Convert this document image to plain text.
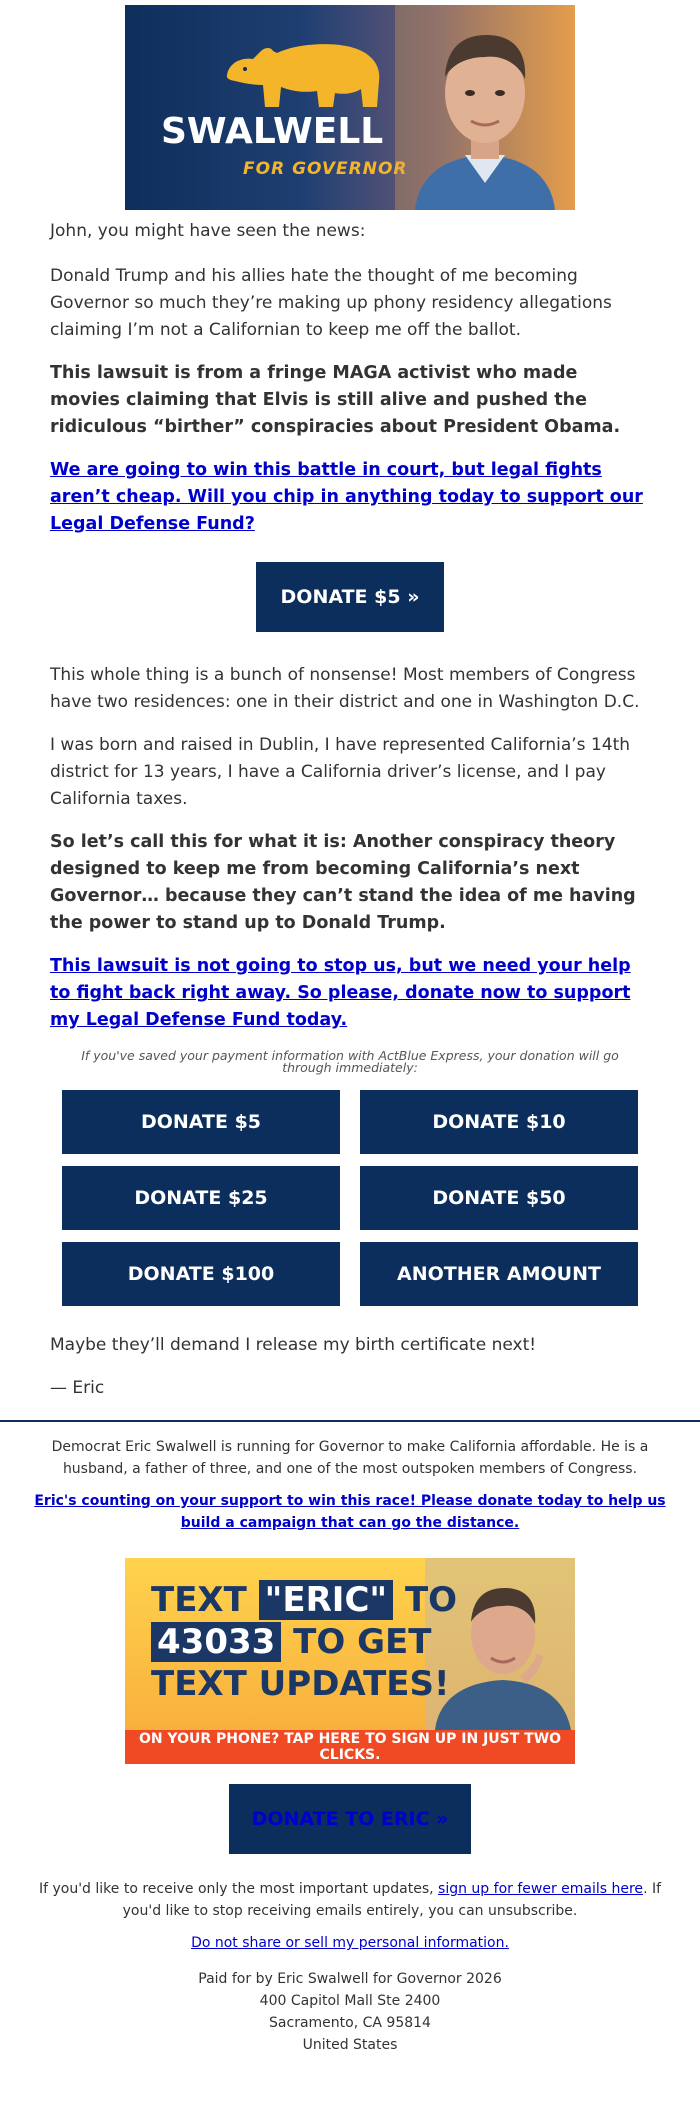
SWALWELL
FOR GOVERNOR

John, you might have seen the news:

Donald Trump and his allies hate the thought of me becoming Governor so much they’re making up phony residency allegations claiming I’m not a Californian to keep me off the ballot.

This lawsuit is from a fringe MAGA activist who made movies claiming that Elvis is still alive and pushed the ridiculous “birther” conspiracies about President Obama.

We are going to win this battle in court, but legal fights aren’t cheap. Will you chip in anything today to support our Legal Defense Fund?

DONATE $5 »

This whole thing is a bunch of nonsense! Most members of Congress have two residences: one in their district and one in Washington D.C.

I was born and raised in Dublin, I have represented California’s 14th district for 13 years, I have a California driver’s license, and I pay California taxes.

So let’s call this for what it is: Another conspiracy theory designed to keep me from becoming California’s next Governor… because they can’t stand the idea of me having the power to stand up to Donald Trump.

This lawsuit is not going to stop us, but we need your help to fight back right away. So please, donate now to support my Legal Defense Fund today.

If you've saved your payment information with ActBlue Express, your donation will go through immediately:

DONATE $5	DONATE $10
DONATE $25	DONATE $50
DONATE $100	ANOTHER AMOUNT

Maybe they’ll demand I release my birth certificate next!

— Eric

Democrat Eric Swalwell is running for Governor to make California affordable. He is a husband, a father of three, and one of the most outspoken members of Congress.

Eric's counting on your support to win this race! Please donate today to help us build a campaign that can go the distance.

TEXT "ERIC" TO
43033 TO GET
TEXT UPDATES!
ON YOUR PHONE? TAP HERE TO SIGN UP IN JUST TWO CLICKS.
DONATE TO ERIC »

If you'd like to receive only the most important updates, sign up for fewer emails here. If you'd like to stop receiving emails entirely, you can unsubscribe.

Do not share or sell my personal information.

Paid for by Eric Swalwell for Governor 2026

400 Capitol Mall Ste 2400

Sacramento, CA 95814

United States
